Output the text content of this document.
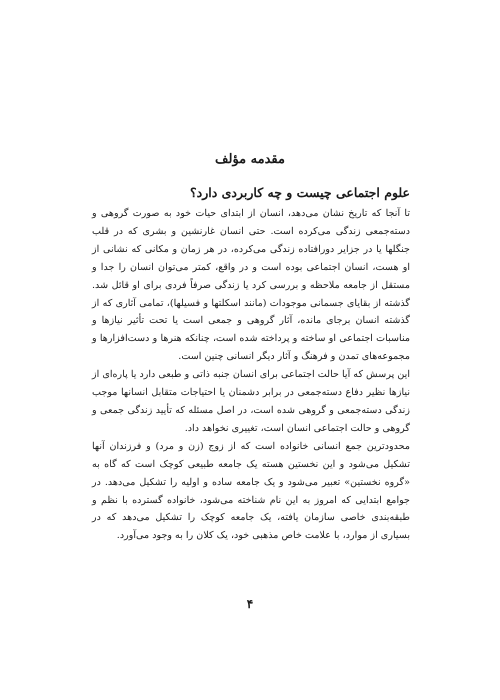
مقدمه مؤلف
علوم اجتماعی چیست و چه کاربردی دارد؟

تا آنجا که تاریخ نشان می‌دهد، انسان از ابتدای حیات خود به صورت گروهی و دسته‌جمعی زندگی می‌کرده است. حتی انسان غارنشین و بشری که در قلب جنگلها یا در جزایر دورافتاده زندگی می‌کرده، در هر زمان و مکانی که نشانی از او هست، انسان اجتماعی بوده است و در واقع، کمتر می‌توان انسان را جدا و مستقل از جامعه ملاحظه و بررسی کرد یا زندگی صرفاً فردی برای او قائل شد. گذشته از بقایای جسمانی موجودات (مانند اسکلتها و فسیلها)، تمامی آثاری که از گذشته انسان برجای مانده، آثار گروهی و جمعی است یا تحت تأثیر نیازها و مناسبات اجتماعی او ساخته و پرداخته شده است، چنانکه هنرها و دست‌افزارها و مجموعه‌های تمدن و فرهنگ و آثار دیگر انسانی چنین است.

این پرسش که آیا حالت اجتماعی برای انسان جنبه ذاتی و طبعی دارد یا پاره‌ای از نیازها نظیر دفاع دسته‌جمعی در برابر دشمنان یا احتیاجات متقابل انسانها موجب زندگی دسته‌جمعی و گروهی شده است، در اصل مسئله که تأیید زندگی جمعی و گروهی و حالت اجتماعی انسان است، تغییری نخواهد داد.

محدودترین جمع انسانی خانواده است که از زوج (زن و مرد) و فرزندان آنها تشکیل می‌شود و این نخستین هسته یک جامعه طبیعی کوچک است که گاه به «گروه نخستین» تعبیر می‌شود و یک جامعه ساده و اولیه را تشکیل می‌دهد. در جوامع ابتدایی که امروز به این نام شناخته می‌شود، خانواده گسترده با نظم و طبقه‌بندی خاصی سازمان یافته، یک جامعه کوچک را تشکیل می‌دهد که در بسیاری از موارد، با علامت خاص مذهبی خود، یک کلان را به وجود می‌آورد.

۴
